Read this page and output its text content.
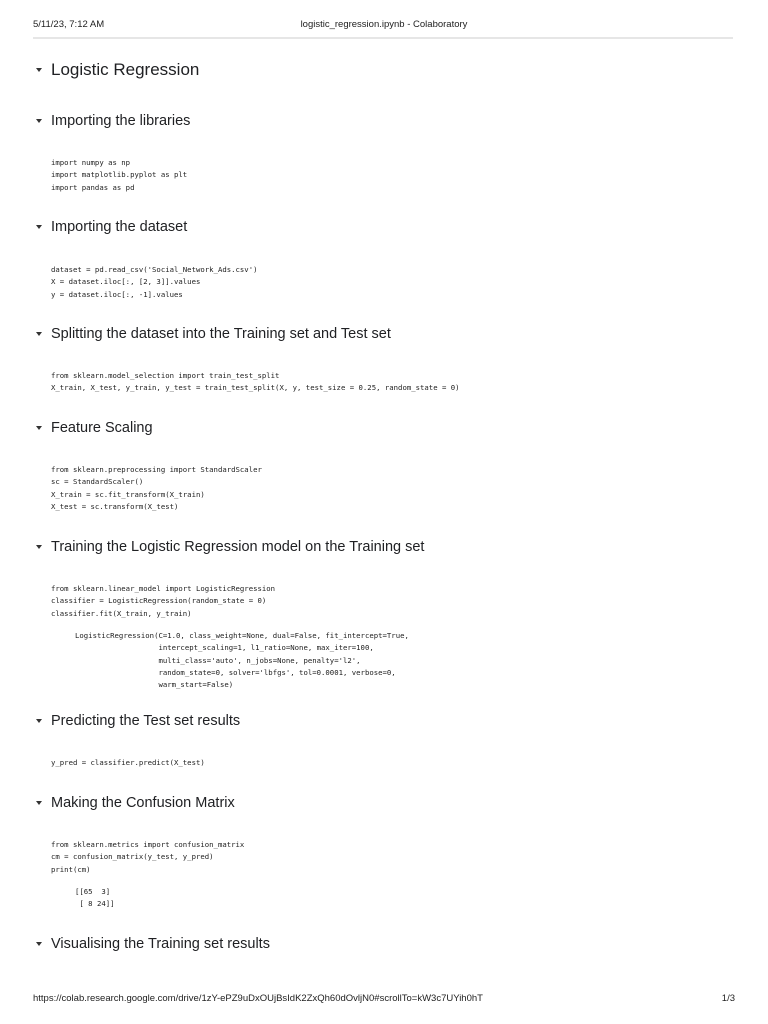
5/11/23, 7:12 AM	logistic_regression.ipynb - Colaboratory
Logistic Regression
Importing the libraries
import numpy as np
import matplotlib.pyplot as plt
import pandas as pd
Importing the dataset
dataset = pd.read_csv('Social_Network_Ads.csv')
X = dataset.iloc[:, [2, 3]].values
y = dataset.iloc[:, -1].values
Splitting the dataset into the Training set and Test set
from sklearn.model_selection import train_test_split
X_train, X_test, y_train, y_test = train_test_split(X, y, test_size = 0.25, random_state = 0)
Feature Scaling
from sklearn.preprocessing import StandardScaler
sc = StandardScaler()
X_train = sc.fit_transform(X_train)
X_test = sc.transform(X_test)
Training the Logistic Regression model on the Training set
from sklearn.linear_model import LogisticRegression
classifier = LogisticRegression(random_state = 0)
classifier.fit(X_train, y_train)
LogisticRegression(C=1.0, class_weight=None, dual=False, fit_intercept=True,
intercept_scaling=1, l1_ratio=None, max_iter=100,
multi_class='auto', n_jobs=None, penalty='l2',
random_state=0, solver='lbfgs', tol=0.0001, verbose=0,
warm_start=False)
Predicting the Test set results
y_pred = classifier.predict(X_test)
Making the Confusion Matrix
from sklearn.metrics import confusion_matrix
cm = confusion_matrix(y_test, y_pred)
print(cm)
[[65  3]
[ 8 24]]
Visualising the Training set results
https://colab.research.google.com/drive/1zY-ePZ9uDxOUjBsIdK2ZxQh60dOvljN0#scrollTo=kW3c7UYih0hT	1/3
